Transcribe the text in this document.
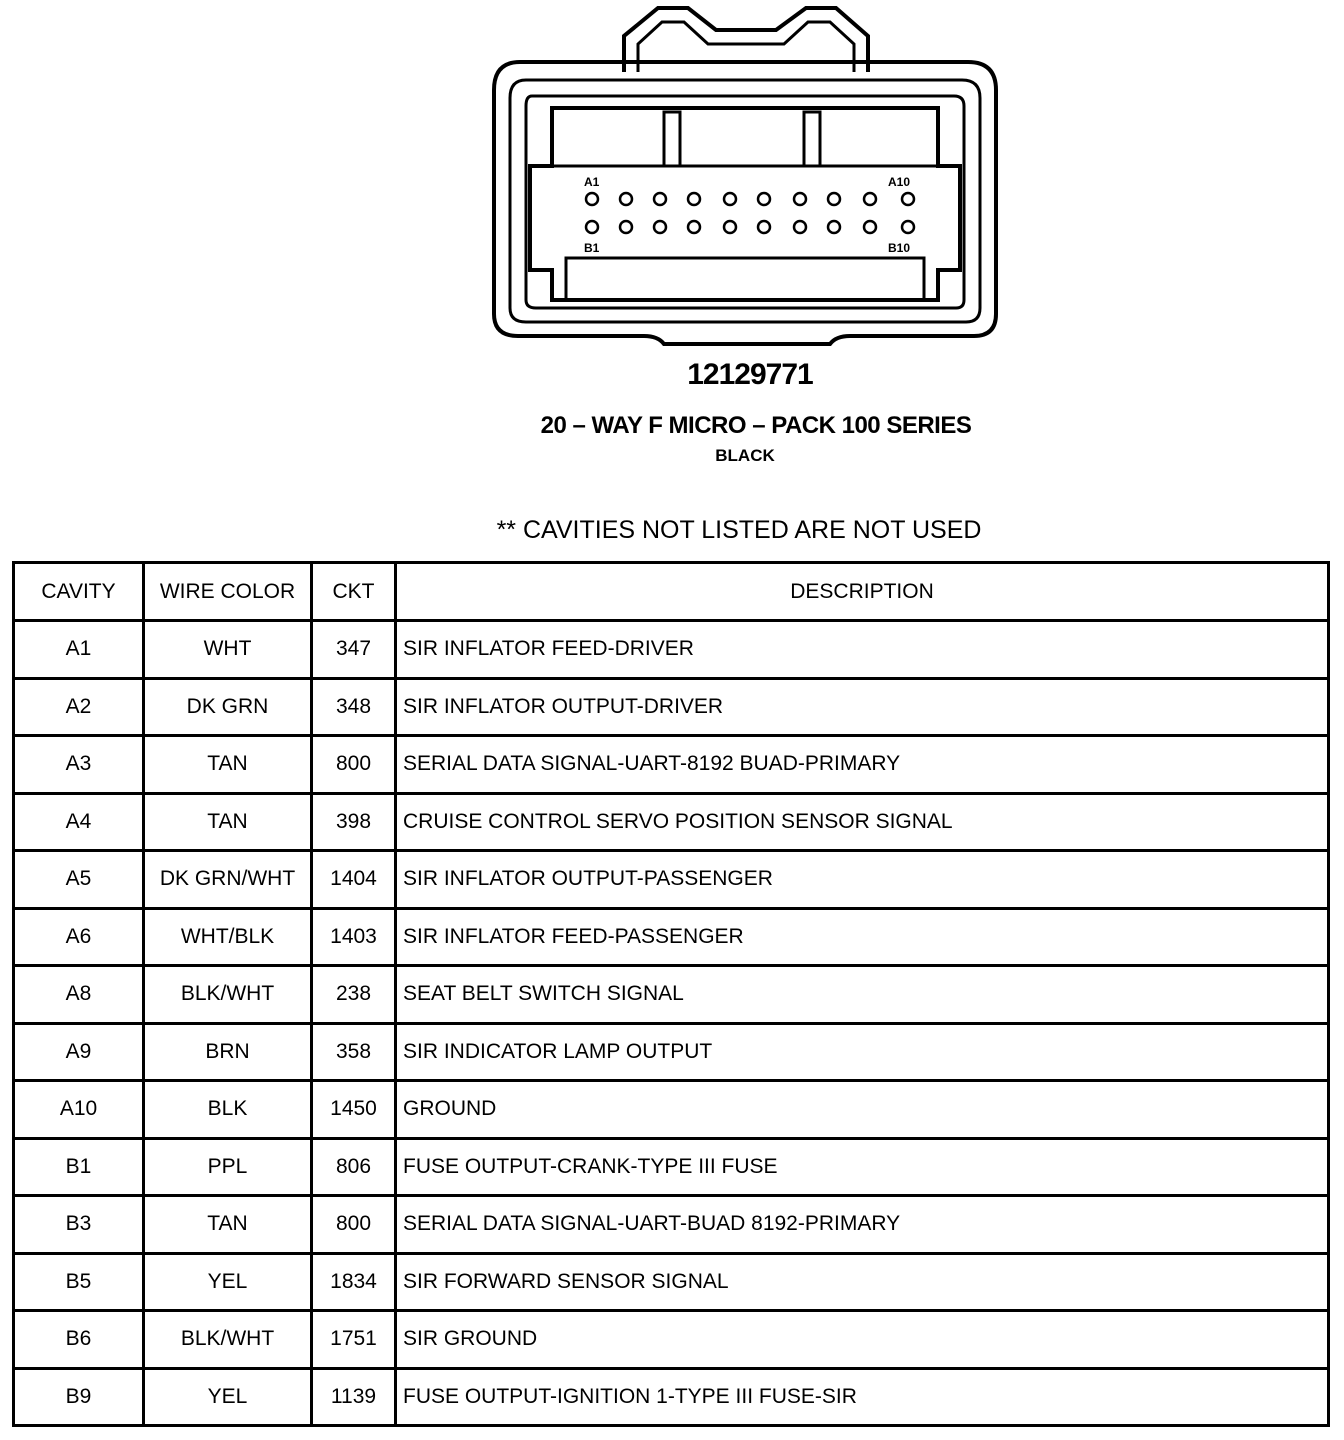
A1	A10
B1	B10
12129771
20 – WAY F MICRO – PACK 100 SERIES
BLACK
** CAVITIES NOT LISTED ARE NOT USED
CAVITY	WIRE COLOR	CKT	DESCRIPTION
A1	WHT	347	SIR INFLATOR FEED-DRIVER
A2	DK GRN	348	SIR INFLATOR OUTPUT-DRIVER
A3	TAN	800	SERIAL DATA SIGNAL-UART-8192 BUAD-PRIMARY
A4	TAN	398	CRUISE CONTROL SERVO POSITION SENSOR SIGNAL
A5	DK GRN/WHT	1404	SIR INFLATOR OUTPUT-PASSENGER
A6	WHT/BLK	1403	SIR INFLATOR FEED-PASSENGER
A8	BLK/WHT	238	SEAT BELT SWITCH SIGNAL
A9	BRN	358	SIR INDICATOR LAMP OUTPUT
A10	BLK	1450	GROUND
B1	PPL	806	FUSE OUTPUT-CRANK-TYPE III FUSE
B3	TAN	800	SERIAL DATA SIGNAL-UART-BUAD 8192-PRIMARY
B5	YEL	1834	SIR FORWARD SENSOR SIGNAL
B6	BLK/WHT	1751	SIR GROUND
B9	YEL	1139	FUSE OUTPUT-IGNITION 1-TYPE III FUSE-SIR
